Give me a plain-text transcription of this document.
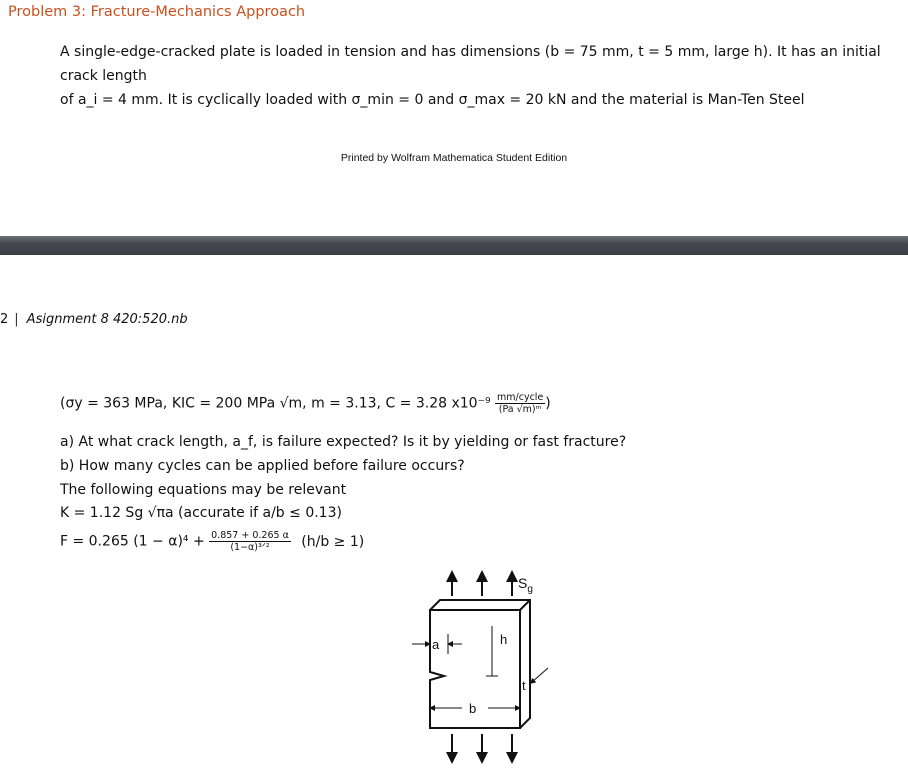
Problem 3: Fracture-Mechanics Approach
A single-edge-cracked plate is loaded in tension and has dimensions (b = 75 mm, t = 5 mm, large h). It has an initial crack length
of a_i = 4 mm. It is cyclically loaded with σ_min = 0 and σ_max = 20 kN and the material is Man-Ten Steel
Printed by Wolfram Mathematica Student Edition
2 | Asignment 8 420:520.nb
(σy = 363 MPa, KIC = 200 MPa √m, m = 3.13, C = 3.28 $x10^{-9} \frac{\text{mm/cycle}}{\text{(Pa √m)ᵐ}}$ )
a) At what crack length, a_f, is failure expected? Is it by yielding or fast fracture?
b) How many cycles can be applied before failure occurs?
The following equations may be relevant
K = 1.12 Sg √πa (accurate if a/b ≤ 0.13)
F = 0.265 $(1 - \alpha)^4 + \frac{0.857 + 0.265 \alpha}{\text{(1−α)³ᐟ²}} (h/b \ge 1)$
$S_g$
a	h
b
t
